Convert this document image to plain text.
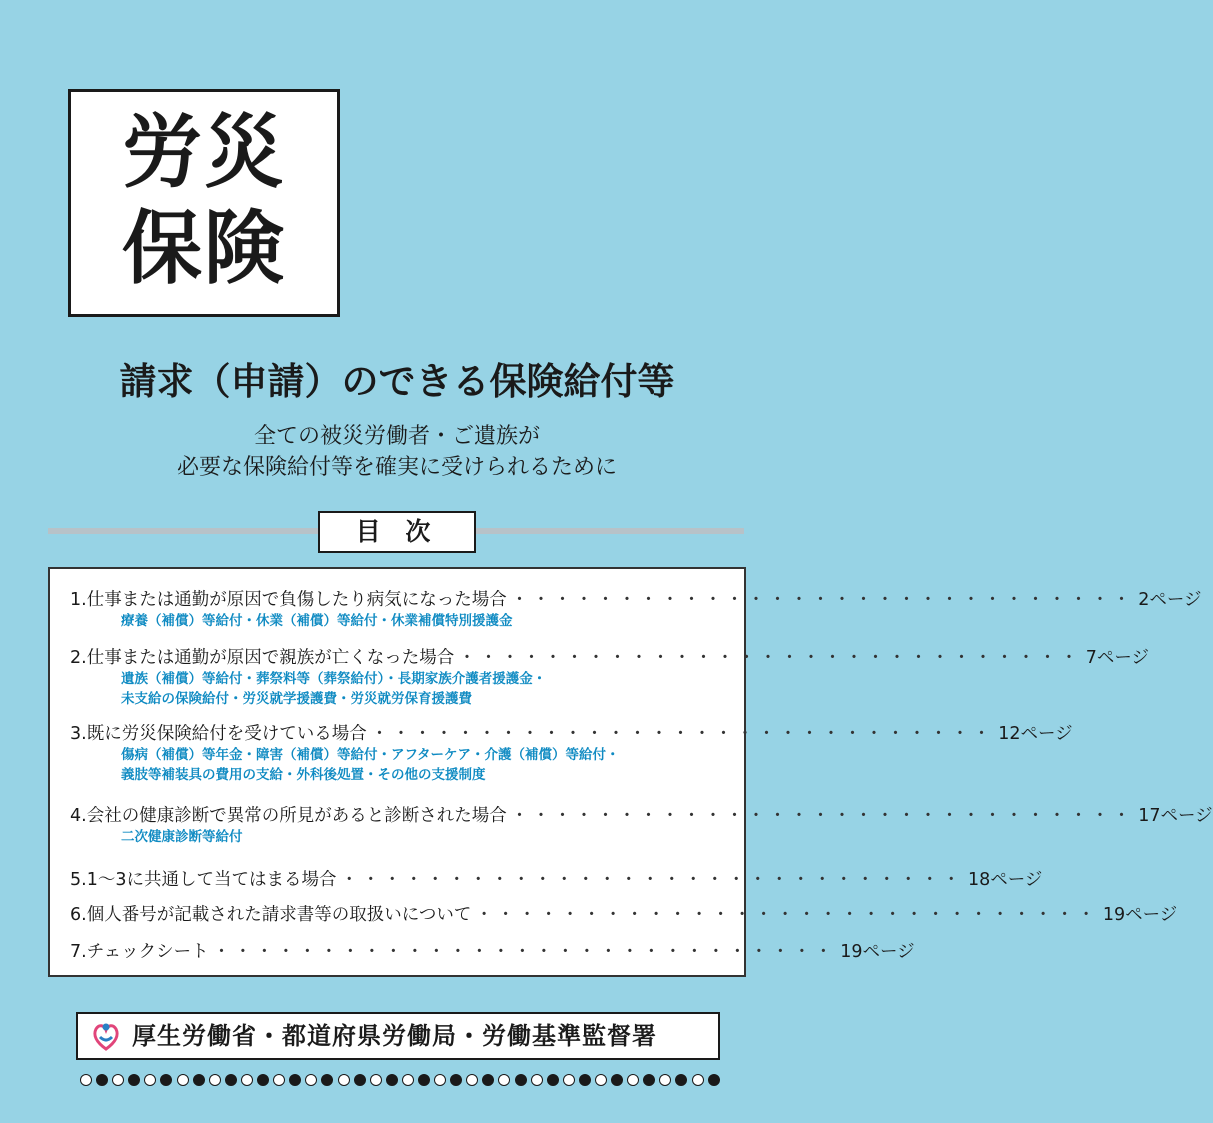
労災
保険
請求（申請）のできる保険給付等
全ての被災労働者・ご遺族が
必要な保険給付等を確実に受けられるために
目 次
1. 仕事または通勤が原因で負傷したり病気になった場合 ・・・・・・・・・・・・・・・・・・・・・・・・・・・・・ 2ページ
療養（補償）等給付・休業（補償）等給付・休業補償特別援護金
2. 仕事または通勤が原因で親族が亡くなった場合 ・・・・・・・・・・・・・・・・・・・・・・・・・・・・・ 7ページ
遺族（補償）等給付・葬祭料等（葬祭給付）・長期家族介護者援護金・
未支給の保険給付・労災就学援護費・労災就労保育援護費
3. 既に労災保険給付を受けている場合 ・・・・・・・・・・・・・・・・・・・・・・・・・・・・・ 12ページ
傷病（補償）等年金・障害（補償）等給付・アフターケア・介護（補償）等給付・
義肢等補装具の費用の支給・外科後処置・その他の支援制度
4. 会社の健康診断で異常の所見があると診断された場合 ・・・・・・・・・・・・・・・・・・・・・・・・・・・・・ 17ページ
二次健康診断等給付
5. 1～3に共通して当てはまる場合 ・・・・・・・・・・・・・・・・・・・・・・・・・・・・・ 18ページ
6. 個人番号が記載された請求書等の取扱いについて ・・・・・・・・・・・・・・・・・・・・・・・・・・・・・ 19ページ
7. チェックシート ・・・・・・・・・・・・・・・・・・・・・・・・・・・・・ 19ページ
厚生労働省・都道府県労働局・労働基準監督署
